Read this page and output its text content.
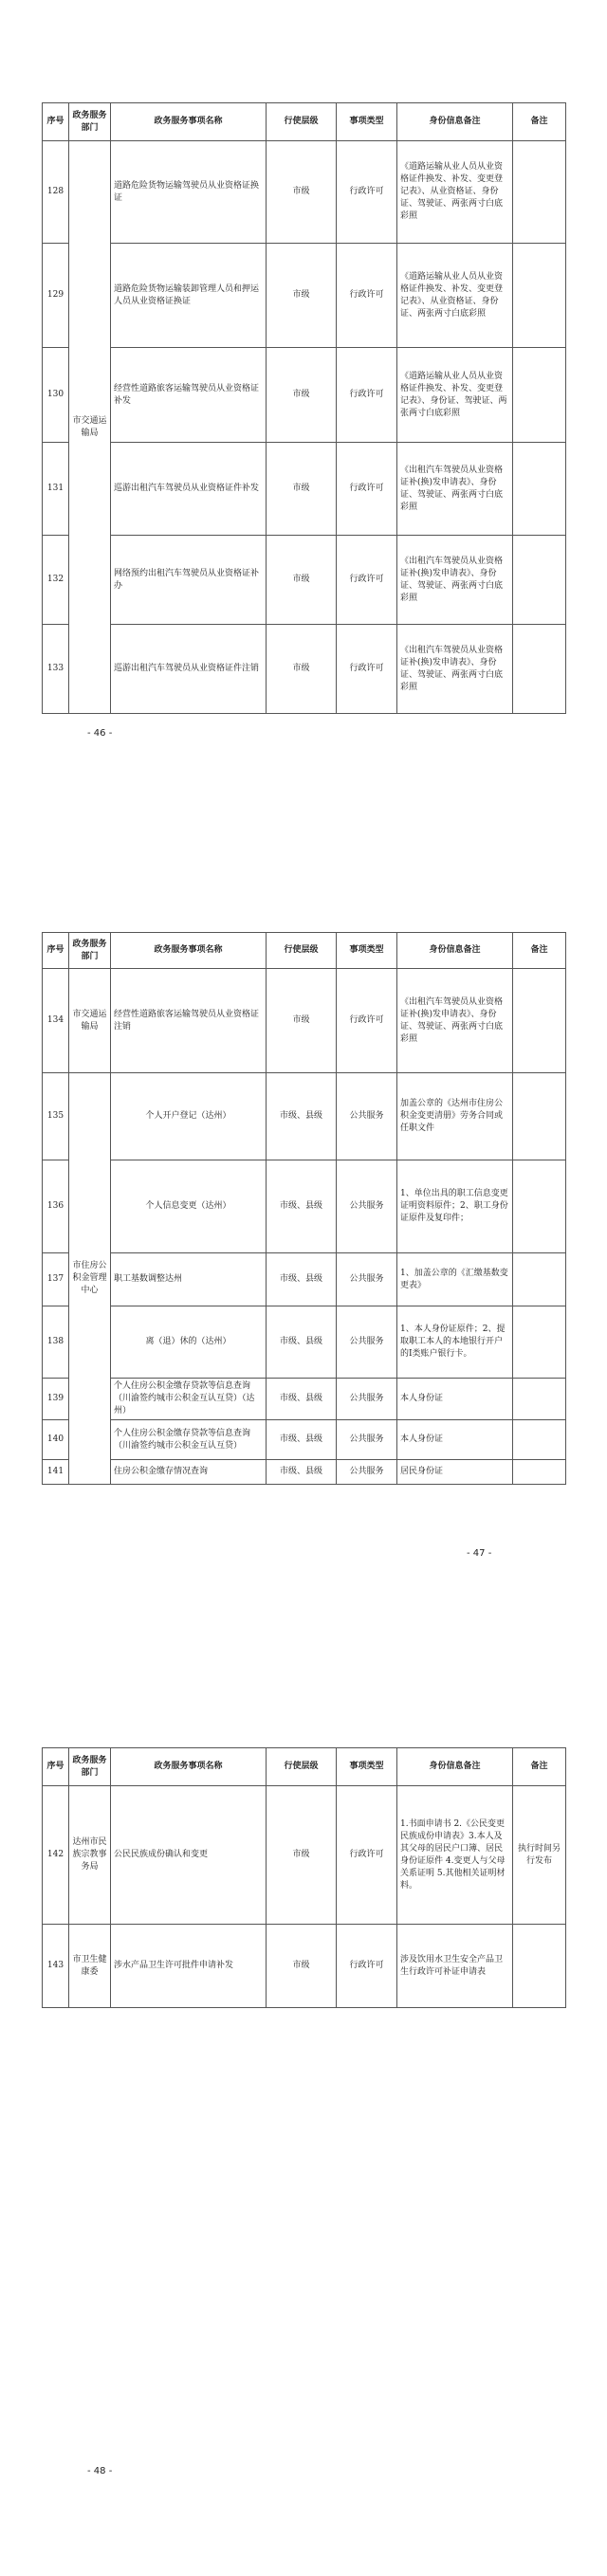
序号	政务服务部门	政务服务事项名称	行使层级	事项类型	身份信息备注	备注
128	市交通运输局	道路危险货物运输驾驶员从业资格证换证	市级	行政许可	《道路运输从业人员从业资格证件换发、补发、变更登记表》、从业资格证、身份证、驾驶证、两张两寸白底彩照	
129		道路危险货物运输装卸管理人员和押运人员从业资格证换证	市级	行政许可	《道路运输从业人员从业资格证件换发、补发、变更登记表》、从业资格证、身份证、两张两寸白底彩照	
130		经营性道路旅客运输驾驶员从业资格证补发	市级	行政许可	《道路运输从业人员从业资格证件换发、补发、变更登记表》、身份证、驾驶证、两张两寸白底彩照	
131		巡游出租汽车驾驶员从业资格证件补发	市级	行政许可	《出租汽车驾驶员从业资格证补(换)发申请表》、身份证、驾驶证、两张两寸白底彩照	
132		网络预约出租汽车驾驶员从业资格证补办	市级	行政许可	《出租汽车驾驶员从业资格证补(换)发申请表》、身份证、驾驶证、两张两寸白底彩照	
133		巡游出租汽车驾驶员从业资格证件注销	市级	行政许可	《出租汽车驾驶员从业资格证补(换)发申请表》、身份证、驾驶证、两张两寸白底彩照	
- 46 -
序号	政务服务部门	政务服务事项名称	行使层级	事项类型	身份信息备注	备注
134	市交通运输局	经营性道路旅客运输驾驶员从业资格证注销	市级	行政许可	《出租汽车驾驶员从业资格证补(换)发申请表》、身份证、驾驶证、两张两寸白底彩照	
135	市住房公积金管理中心	个人开户登记（达州）	市级、县级	公共服务	加盖公章的《达州市住房公积金变更清册》劳务合同或任职文件	
136		个人信息变更（达州）	市级、县级	公共服务	1、单位出具的职工信息变更证明资料原件；2、职工身份证原件及复印件；	
137		职工基数调整达州	市级、县级	公共服务	1、加盖公章的《汇缴基数变更表》	
138		离（退）休的（达州）	市级、县级	公共服务	1、本人身份证原件；2、提取职工本人的本地银行开户的I类账户银行卡。	
139		个人住房公积金缴存贷款等信息查询（川渝签约城市公积金互认互贷）（达州）	市级、县级	公共服务	本人身份证	
140		个人住房公积金缴存贷款等信息查询（川渝签约城市公积金互认互贷）	市级、县级	公共服务	本人身份证	
141		住房公积金缴存情况查询	市级、县级	公共服务	居民身份证	
- 47 -
序号	政务服务部门	政务服务事项名称	行使层级	事项类型	身份信息备注	备注
142	达州市民族宗教事务局	公民民族成份确认和变更	市级	行政许可	1.书面申请书 2.《公民变更民族成份申请表》3.本人及其父母的居民户口簿、居民身份证原件 4.变更人与父母关系证明 5.其他相关证明材料。	执行时间另行发布
143	市卫生健康委	涉水产品卫生许可批件申请补发	市级	行政许可	涉及饮用水卫生安全产品卫生行政许可补证申请表	
- 48 -
